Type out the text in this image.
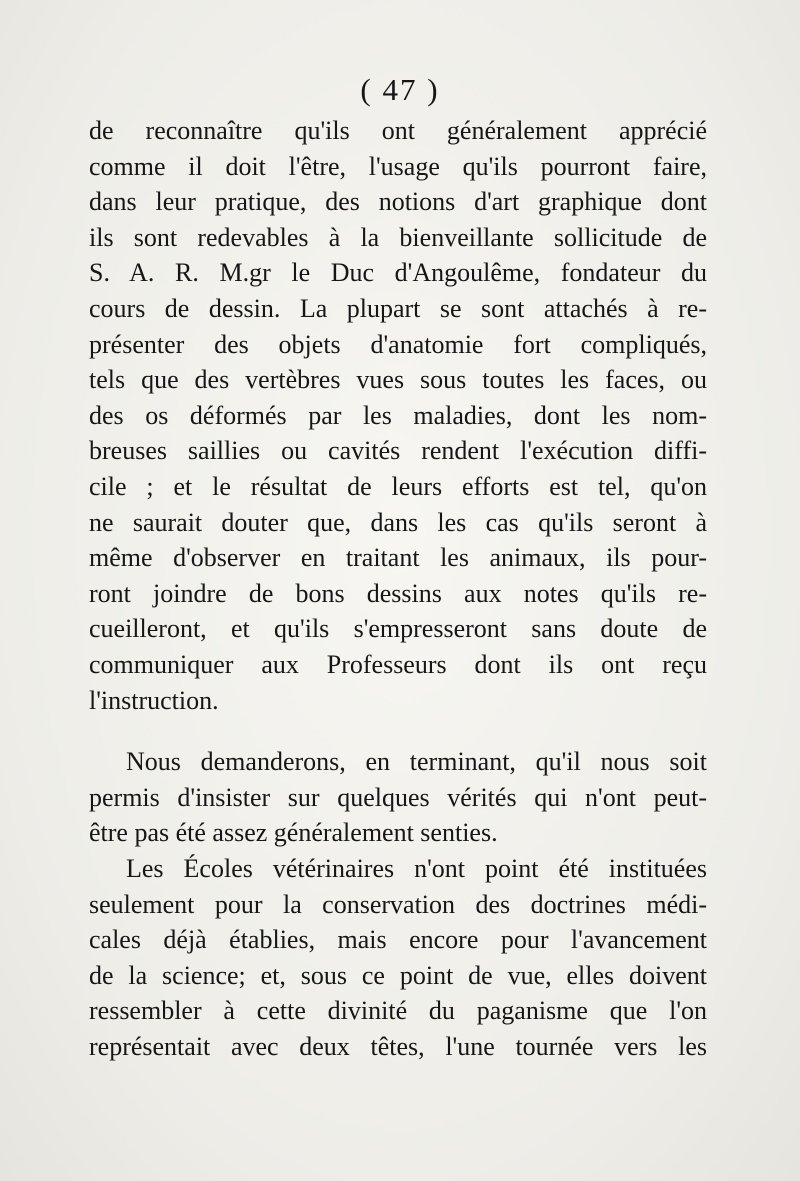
( 47 )
de reconnaître qu'ils ont généralement apprécié
comme il doit l'être, l'usage qu'ils pourront faire,
dans leur pratique, des notions d'art graphique dont
ils sont redevables à la bienveillante sollicitude de
S. A. R. M.gr le Duc d'Angoulême, fondateur du
cours de dessin. La plupart se sont attachés à re-
présenter des objets d'anatomie fort compliqués,
tels que des vertèbres vues sous toutes les faces, ou
des os déformés par les maladies, dont les nom-
breuses saillies ou cavités rendent l'exécution diffi-
cile ; et le résultat de leurs efforts est tel, qu'on
ne saurait douter que, dans les cas qu'ils seront à
même d'observer en traitant les animaux, ils pour-
ront joindre de bons dessins aux notes qu'ils re-
cueilleront, et qu'ils s'empresseront sans doute de
communiquer aux Professeurs dont ils ont reçu
l'instruction.
Nous demanderons, en terminant, qu'il nous soit
permis d'insister sur quelques vérités qui n'ont peut-
être pas été assez généralement senties.
Les Écoles vétérinaires n'ont point été instituées
seulement pour la conservation des doctrines médi-
cales déjà établies, mais encore pour l'avancement
de la science; et, sous ce point de vue, elles doivent
ressembler à cette divinité du paganisme que l'on
représentait avec deux têtes, l'une tournée vers les
